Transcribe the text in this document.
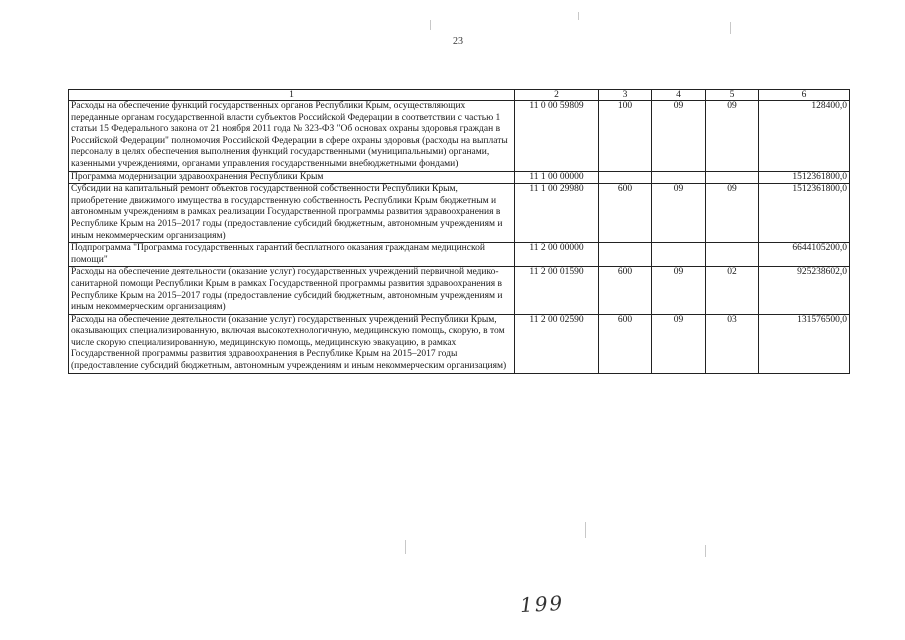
23
1	2	3	4	5	6
Расходы на обеспечение функций государственных органов Республики Крым, осуществляющих переданные органам государственной власти субъектов Российской Федерации в соответствии с частью 1 статьи 15 Федерального закона от 21 ноября 2011 года № 323-ФЗ "Об основах охраны здоровья граждан в Российской Федерации" полномочия Российской Федерации в сфере охраны здоровья (расходы на выплаты персоналу в целях обеспечения выполнения функций государственными (муниципальными) органами, казенными учреждениями, органами управления государственными внебюджетными фондами)	11 0 00 59809	100	09	09	128400,0
Программа модернизации здравоохранения Республики Крым	11 1 00 00000				1512361800,0
Субсидии на капитальный ремонт объектов государственной собственности Республики Крым, приобретение движимого имущества в государственную собственность Республики Крым бюджетным и автономным учреждениям в рамках реализации Государственной программы развития здравоохранения в Республике Крым на 2015–2017 годы (предоставление субсидий бюджетным, автономным учреждениям и иным некоммерческим организациям)	11 1 00 29980	600	09	09	1512361800,0
Подпрограмма "Программа государственных гарантий бесплатного оказания гражданам медицинской помощи"	11 2 00 00000				6644105200,0
Расходы на обеспечение деятельности (оказание услуг) государственных учреждений первичной медико-санитарной помощи Республики Крым в рамках Государственной программы развития здравоохранения в Республике Крым на 2015–2017 годы (предоставление субсидий бюджетным, автономным учреждениям и иным некоммерческим организациям)	11 2 00 01590	600	09	02	925238602,0
Расходы на обеспечение деятельности (оказание услуг) государственных учреждений Республики Крым, оказывающих специализированную, включая высокотехнологичную, медицинскую помощь, скорую, в том числе скорую специализированную, медицинскую помощь, медицинскую эвакуацию, в рамках Государственной программы развития здравоохранения в Республике Крым на 2015–2017 годы (предоставление субсидий бюджетным, автономным учреждениям и иным некоммерческим организациям)	11 2 00 02590	600	09	03	131576500,0
199
